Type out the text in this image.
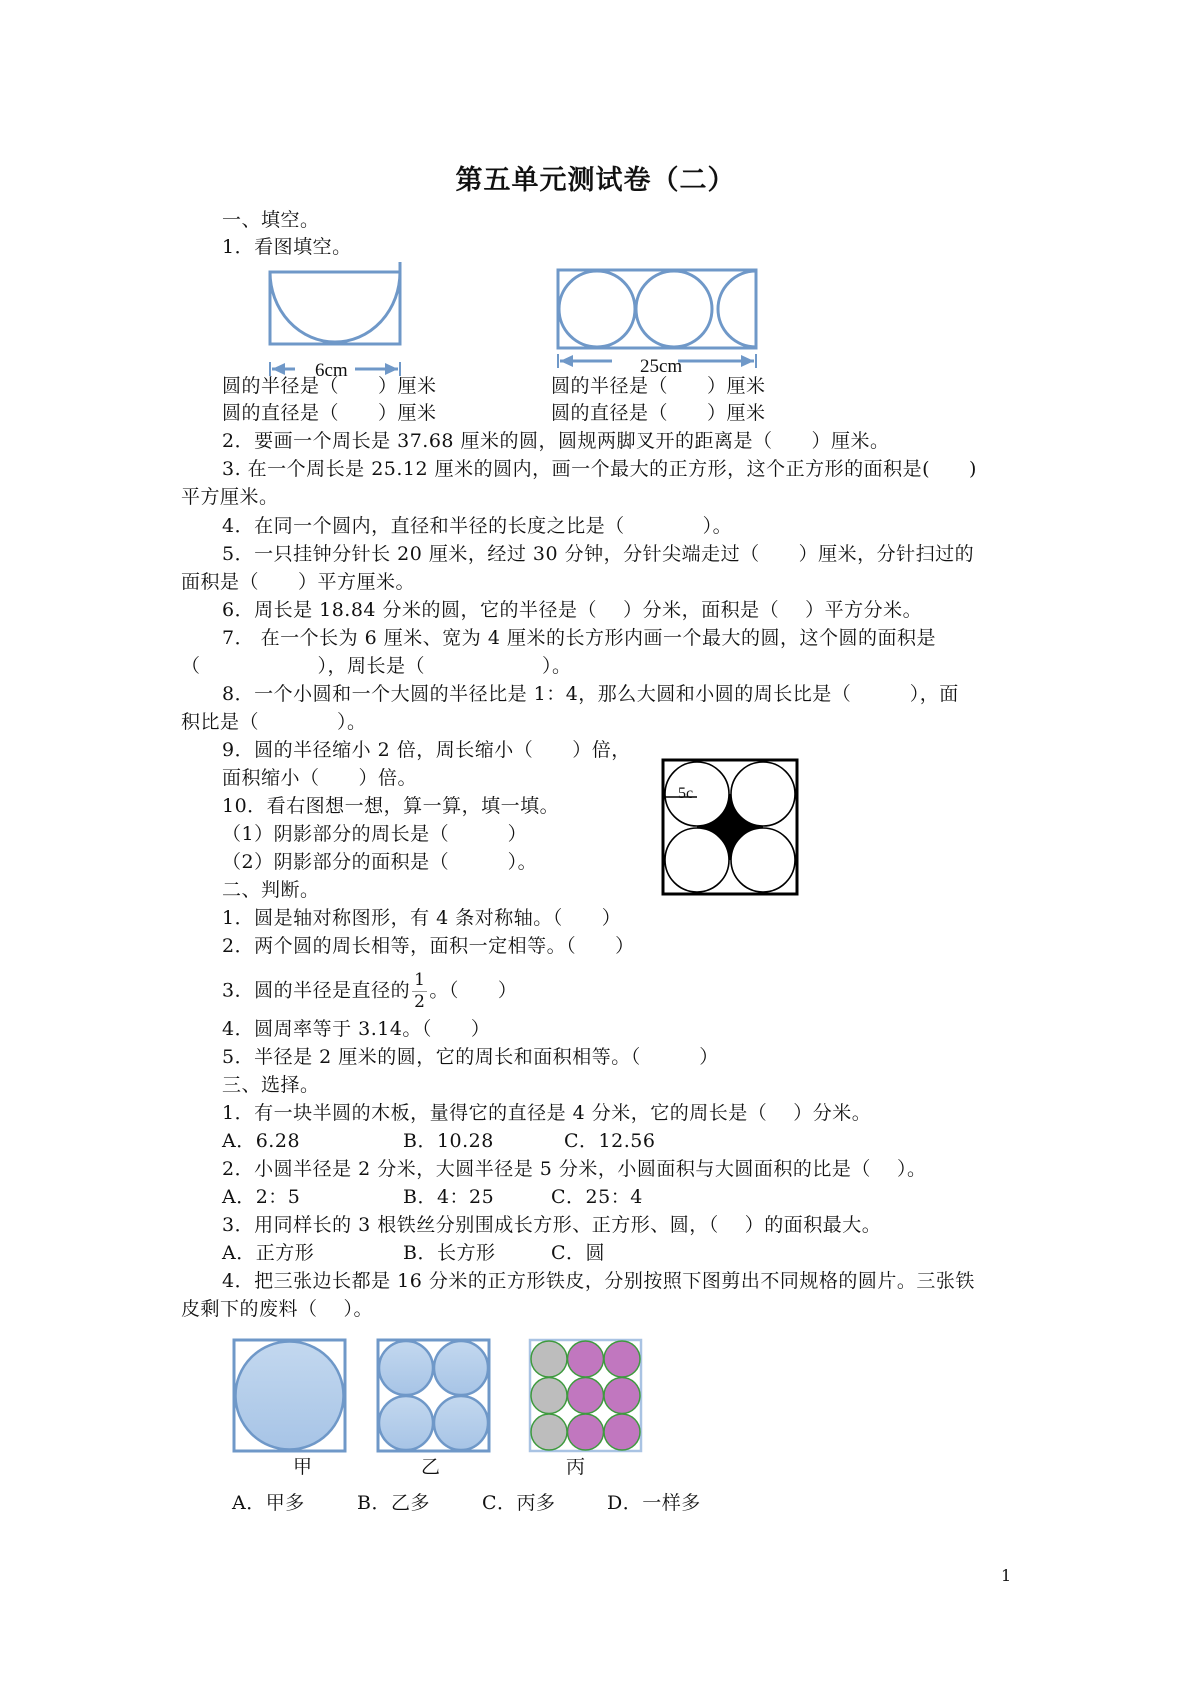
第五单元测试卷（二）
一、填空。
1．看图填空。
6cm	25cm
圆的半径是（　　）厘米
圆的直径是（　　）厘米
圆的半径是（　　）厘米
圆的直径是（　　）厘米
2．要画一个周长是 37.68 厘米的圆，圆规两脚叉开的距离是（　　）厘米。
3. 在一个周长是 25.12 厘米的圆内，画一个最大的正方形，这个正方形的面积是(　　)
平方厘米。
4．在同一个圆内，直径和半径的长度之比是（　　　　）。
5．一只挂钟分针长 20 厘米，经过 30 分钟，分针尖端走过（　　）厘米，分针扫过的
面积是（　　）平方厘米。
6．周长是 18.84 分米的圆，它的半径是（　 ）分米，面积是（　 ）平方分米。
7． 在一个长为 6 厘米、宽为 4 厘米的长方形内画一个最大的圆，这个圆的面积是
（　　　　　　），周长是（　　　　　　）。
8．一个小圆和一个大圆的半径比是 1：4，那么大圆和小圆的周长比是（　　　），面
积比是（　　　　）。
9．圆的半径缩小 2 倍，周长缩小（　　）倍，
面积缩小（　　）倍。
10．看右图想一想，算一算，填一填。
（1）阴影部分的周长是（　　　）
（2）阴影部分的面积是（　　　）。
5c
二、判断。
1．圆是轴对称图形，有 4 条对称轴。（　　）
2．两个圆的周长相等，面积一定相等。（　　）
3．圆的半径是直径的 $\frac{1}{2}$ 。（　　）
4．圆周率等于 3.14。（　　）
5．半径是 2 厘米的圆，它的周长和面积相等。（　　　）
三、选择。
1．有一块半圆的木板，量得它的直径是 4 分米，它的周长是（　 ）分米。
A．6.28	B．10.28	C．12.56
2．小圆半径是 2 分米，大圆半径是 5 分米，小圆面积与大圆面积的比是（　 ）。
A．2：5	B．4：25	C．25：4
3．用同样长的 3 根铁丝分别围成长方形、正方形、圆，（　 ）的面积最大。
A．正方形	B．长方形	C．圆
4．把三张边长都是 16 分米的正方形铁皮，分别按照下图剪出不同规格的圆片。三张铁
皮剩下的废料（　 ）。
甲	乙	丙
A．甲多	B．乙多	C．丙多	D．一样多
1
